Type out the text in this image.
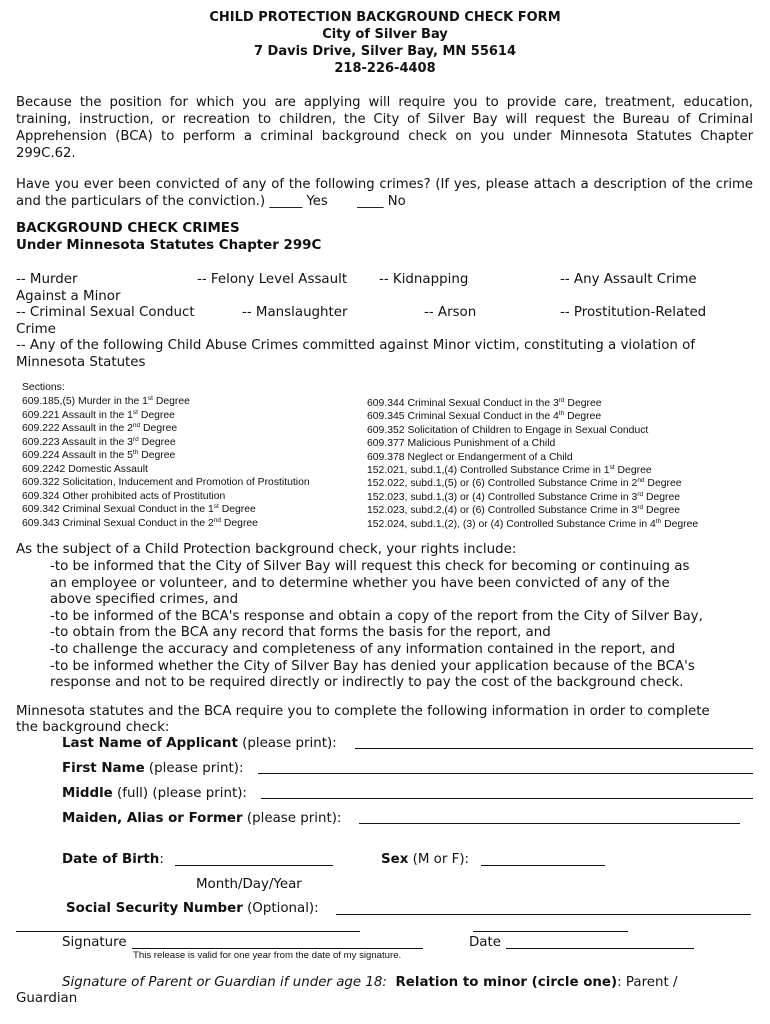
CHILD PROTECTION BACKGROUND CHECK FORM
City of Silver Bay
7 Davis Drive, Silver Bay, MN 55614
218-226-4408
Because the position for which you are applying will require you to provide care, treatment, education, training, instruction, or recreation to children, the City of Silver Bay will request the Bureau of Criminal Apprehension (BCA) to perform a criminal background check on you under Minnesota Statutes Chapter 299C.62.
Have you ever been convicted of any of the following crimes? (If yes, please attach a description of the crime and the particulars of the conviction.) _____ Yes ____ No
BACKGROUND CHECK CRIMES
Under Minnesota Statutes Chapter 299C
-- Murder	-- Felony Level Assault -- Kidnapping	-- Any Assault Crime
Against a Minor
-- Criminal Sexual Conduct	-- Manslaughter	-- Arson	-- Prostitution-Related
Crime
-- Any of the following Child Abuse Crimes committed against Minor victim, constituting a violation of
Minnesota Statutes
Sections:
609.185,(5) Murder in the 1st Degree
609.221 Assault in the 1st Degree
609.222 Assault in the 2nd Degree
609.223 Assault in the 3rd Degree
609.224 Assault in the 5th Degree
609.2242 Domestic Assault
609.322 Solicitation, Inducement and Promotion of Prostitution
609.324 Other prohibited acts of Prostitution
609.342 Criminal Sexual Conduct in the 1st Degree
609.343 Criminal Sexual Conduct in the 2nd Degree
609.344 Criminal Sexual Conduct in the 3rd Degree
609.345 Criminal Sexual Conduct in the 4th Degree
609.352 Solicitation of Children to Engage in Sexual Conduct
609.377 Malicious Punishment of a Child
609.378 Neglect or Endangerment of a Child
152.021, subd.1,(4) Controlled Substance Crime in 1st Degree
152.022, subd.1,(5) or (6) Controlled Substance Crime in 2nd Degree
152.023, subd.1,(3) or (4) Controlled Substance Crime in 3rd Degree
152.023, subd.2,(4) or (6) Controlled Substance Crime in 3rd Degree
152.024, subd.1,(2), (3) or (4) Controlled Substance Crime in 4th Degree
As the subject of a Child Protection background check, your rights include:
-to be informed that the City of Silver Bay will request this check for becoming or continuing as
an employee or volunteer, and to determine whether you have been convicted of any of the
above specified crimes, and
-to be informed of the BCA's response and obtain a copy of the report from the City of Silver Bay,
-to obtain from the BCA any record that forms the basis for the report, and
-to challenge the accuracy and completeness of any information contained in the report, and
-to be informed whether the City of Silver Bay has denied your application because of the BCA's
response and not to be required directly or indirectly to pay the cost of the background check.
Minnesota statutes and the BCA require you to complete the following information in order to complete
the background check:
Last Name of Applicant (please print):
First Name (please print):
Middle (full) (please print):
Maiden, Alias or Former (please print):
Date of Birth:	Sex (M or F):
Month/Day/Year
Social Security Number (Optional):
Signature	Date
This release is valid for one year from the date of my signature.
Signature of Parent or Guardian if under age 18: Relation to minor (circle one): Parent /
Guardian
